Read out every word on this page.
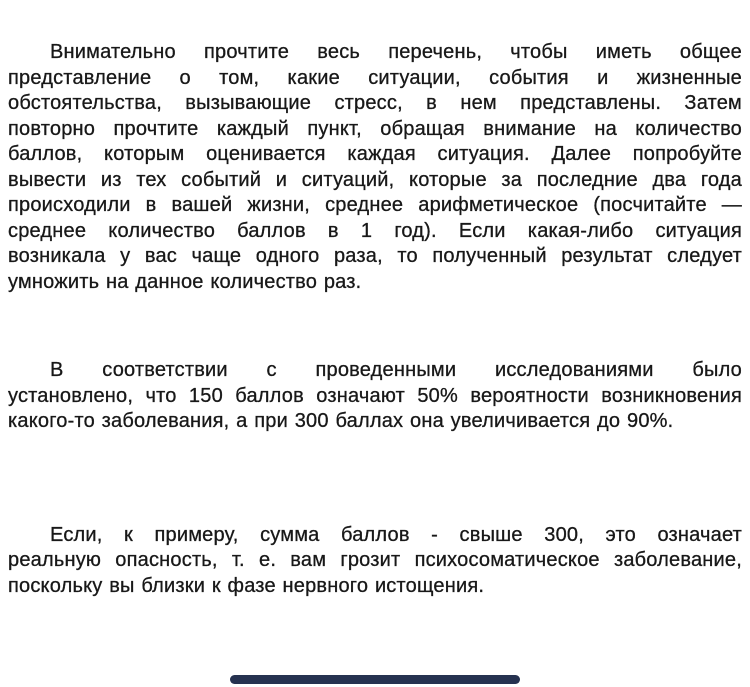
Внимательно прочтите весь перечень, чтобы иметь общее
представление о том, какие ситуации, события и жизненные
обстоятельства, вызывающие стресс, в нем представлены. Затем
повторно прочтите каждый пункт, обращая внимание на количество
баллов, которым оценивается каждая ситуация. Далее попробуйте
вывести из тех событий и ситуаций, которые за последние два года
происходили в вашей жизни, среднее арифметическое (посчитайте —
среднее количество баллов в 1 год). Если какая-либо ситуация
возникала у вас чаще одного раза, то полученный результат следует
умножить на данное количество раз.
В соответствии с проведенными исследованиями было
установлено, что 150 баллов означают 50% вероятности возникновения
какого-то заболевания, а при 300 баллах она увеличивается до 90%.
Если, к примеру, сумма баллов - свыше 300, это означает
реальную опасность, т. е. вам грозит психосоматическое заболевание,
поскольку вы близки к фазе нервного истощения.
